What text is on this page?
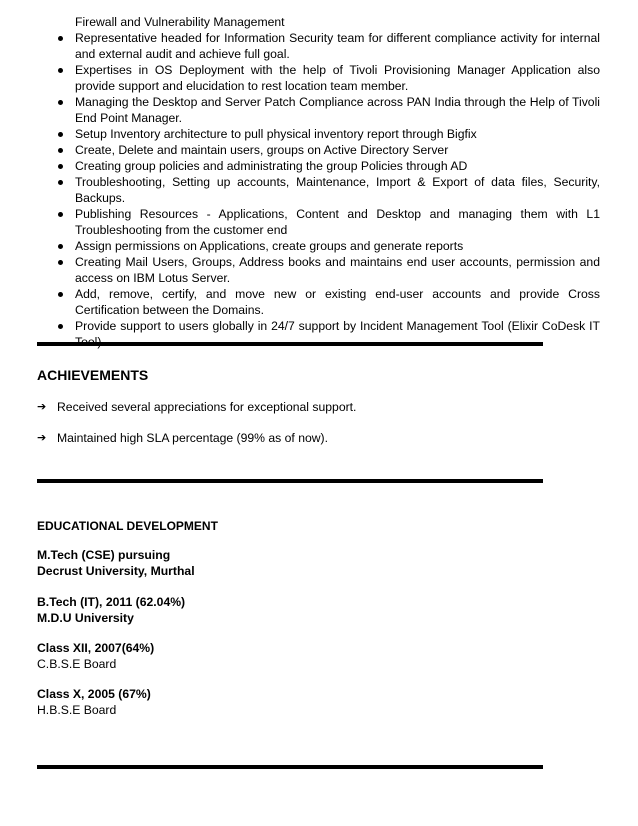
Firewall and Vulnerability Management
Representative headed for Information Security team for different compliance activity for internal and external audit and achieve full goal.
Expertises in OS Deployment with the help of Tivoli Provisioning Manager Application also provide support and elucidation to rest location team member.
Managing the Desktop and Server Patch Compliance across PAN India through the Help of Tivoli End Point Manager.
Setup Inventory architecture to pull physical inventory report through Bigfix
Create, Delete and maintain users, groups on Active Directory Server
Creating group policies and administrating the group Policies through AD
Troubleshooting, Setting up accounts, Maintenance, Import & Export of data files, Security, Backups.
Publishing Resources - Applications, Content and Desktop and managing them with L1 Troubleshooting from the customer end
Assign permissions on Applications, create groups and generate reports
Creating Mail Users, Groups, Address books and maintains end user accounts, permission and access on IBM Lotus Server.
Add, remove, certify, and move new or existing end-user accounts and provide Cross Certification between the Domains.
Provide support to users globally in 24/7 support by Incident Management Tool (Elixir CoDesk IT
ACHIEVEMENTS
➔ Received several appreciations for exceptional support.
➔ Maintained high SLA percentage (99% as of now).
EDUCATIONAL DEVELOPMENT
M.Tech (CSE) pursuing
Decrust University, Murthal
B.Tech (IT), 2011 (62.04%)
M.D.U University
Class XII, 2007(64%)
C.B.S.E Board
Class X, 2005 (67%)
H.B.S.E Board
